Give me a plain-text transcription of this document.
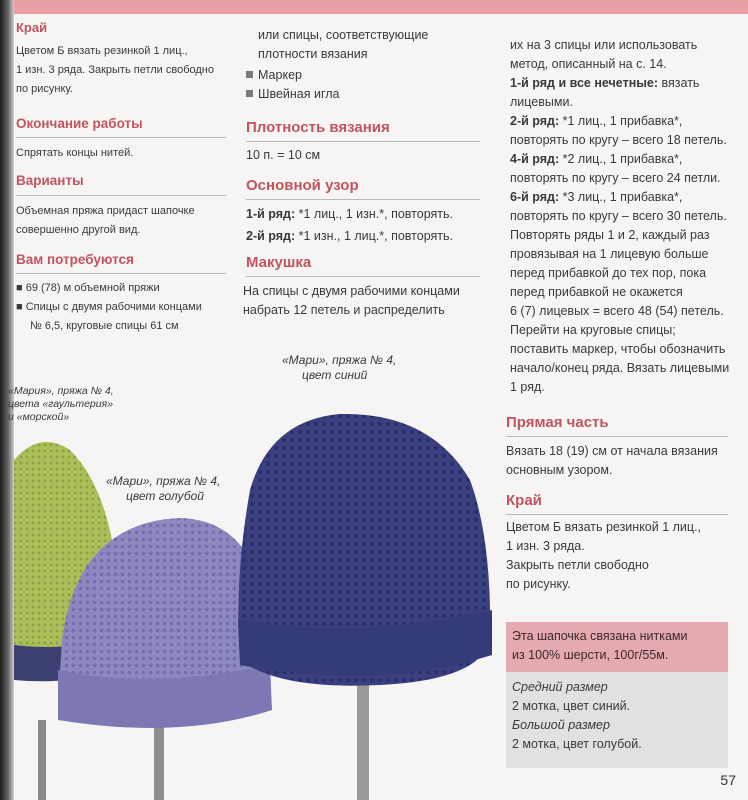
Край
Цветом Б вязать резинкой 1 лиц.,
1 изн. 3 ряда. Закрыть петли свободно
по рисунку.
Окончание работы
Спрятать концы нитей.
Варианты
Объемная пряжа придаст шапочке
совершенно другой вид.
Вам потребуются
■ 69 (78) м объемной пряжи
■ Спицы с двумя рабочими концами
№ 6,5, круговые спицы 61 см
или спицы, соответствующие
плотности вязания
Маркер
Швейная игла
Плотность вязания
10 п. = 10 см
Основной узор
1-й ряд: *1 лиц., 1 изн.*, повторять.
2-й ряд: *1 изн., 1 лиц.*, повторять.
Макушка
На спицы с двумя рабочими концами
набрать 12 петель и распределить
их на 3 спицы или использовать
метод, описанный на с. 14.
1-й ряд и все нечетные: вязать
лицевыми.
2-й ряд: *1 лиц., 1 прибавка*,
повторять по кругу – всего 18 петель.
4-й ряд: *2 лиц., 1 прибавка*,
повторять по кругу – всего 24 петли.
6-й ряд: *3 лиц., 1 прибавка*,
повторять по кругу – всего 30 петель.
Повторять ряды 1 и 2, каждый раз
провязывая на 1 лицевую больше
перед прибавкой до тех пор, пока
перед прибавкой не окажется
6 (7) лицевых = всего 48 (54) петель.
Перейти на круговые спицы;
поставить маркер, чтобы обозначить
начало/конец ряда. Вязать лицевыми
1 ряд.
Прямая часть
Вязать 18 (19) см от начала вязания
основным узором.
Край
Цветом Б вязать резинкой 1 лиц.,
1 изн. 3 ряда.
Закрыть петли свободно
по рисунку.
Эта шапочка связана нитками
из 100% шерсти, 100г/55м.
Средний размер
2 мотка, цвет синий.
Большой размер
2 мотка, цвет голубой.
«Мария», пряжа № 4,
цвета «гаультерия»
и «морской»
«Мари», пряжа № 4,
цвет голубой
«Мари», пряжа № 4,
цвет синий
57
